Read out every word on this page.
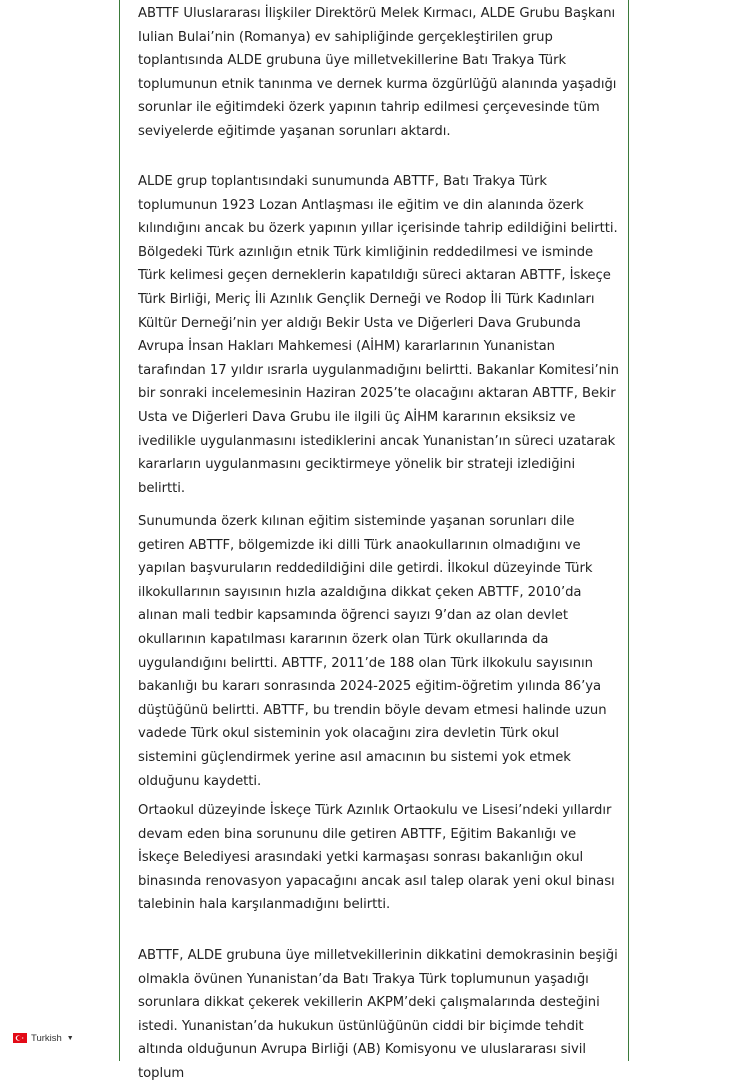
ABTTF Uluslararası İlişkiler Direktörü Melek Kırmacı, ALDE Grubu Başkanı Iulian Bulai’nin (Romanya) ev sahipliğinde gerçekleştirilen grup toplantısında ALDE grubuna üye milletvekillerine Batı Trakya Türk toplumunun etnik tanınma ve dernek kurma özgürlüğü alanında yaşadığı sorunlar ile eğitimdeki özerk yapının tahrip edilmesi çerçevesinde tüm seviyelerde eğitimde yaşanan sorunları aktardı.

ALDE grup toplantısındaki sunumunda ABTTF, Batı Trakya Türk toplumunun 1923 Lozan Antlaşması ile eğitim ve din alanında özerk kılındığını ancak bu özerk yapının yıllar içerisinde tahrip edildiğini belirtti. Bölgedeki Türk azınlığın etnik Türk kimliğinin reddedilmesi ve isminde Türk kelimesi geçen derneklerin kapatıldığı süreci aktaran ABTTF, İskeçe Türk Birliği, Meriç İli Azınlık Gençlik Derneği ve Rodop İli Türk Kadınları Kültür Derneği’nin yer aldığı Bekir Usta ve Diğerleri Dava Grubunda Avrupa İnsan Hakları Mahkemesi (AİHM) kararlarının Yunanistan tarafından 17 yıldır ısrarla uygulanmadığını belirtti. Bakanlar Komitesi’nin bir sonraki incelemesinin Haziran 2025’te olacağını aktaran ABTTF, Bekir Usta ve Diğerleri Dava Grubu ile ilgili üç AİHM kararının eksiksiz ve ivedilikle uygulanmasını istediklerini ancak Yunanistan’ın süreci uzatarak kararların uygulanmasını geciktirmeye yönelik bir strateji izlediğini belirtti.

Sunumunda özerk kılınan eğitim sisteminde yaşanan sorunları dile getiren ABTTF, bölgemizde iki dilli Türk anaokullarının olmadığını ve yapılan başvuruların reddedildiğini dile getirdi. İlkokul düzeyinde Türk ilkokullarının sayısının hızla azaldığına dikkat çeken ABTTF, 2010’da alınan mali tedbir kapsamında öğrenci sayızı 9’dan az olan devlet okullarının kapatılması kararının özerk olan Türk okullarında da uygulandığını belirtti. ABTTF, 2011’de 188 olan Türk ilkokulu sayısının bakanlığı bu kararı sonrasında 2024-2025 eğitim-öğretim yılında 86’ya düştüğünü belirtti. ABTTF, bu trendin böyle devam etmesi halinde uzun vadede Türk okul sisteminin yok olacağını zira devletin Türk okul sistemini güçlendirmek yerine asıl amacının bu sistemi yok etmek olduğunu kaydetti.

Ortaokul düzeyinde İskeçe Türk Azınlık Ortaokulu ve Lisesi’ndeki yıllardır devam eden bina sorununu dile getiren ABTTF, Eğitim Bakanlığı ve İskeçe Belediyesi arasındaki yetki karmaşası sonrası bakanlığın okul binasında renovasyon yapacağını ancak asıl talep olarak yeni okul binası talebinin hala karşılanmadığını belirtti.

ABTTF, ALDE grubuna üye milletvekillerinin dikkatini demokrasinin beşiği olmakla övünen Yunanistan’da Batı Trakya Türk toplumunun yaşadığı sorunlara dikkat çekerek vekillerin AKPM’deki çalışmalarında desteğini istedi. Yunanistan’da hukukun üstünlüğünün ciddi bir biçimde tehdit altında olduğunun Avrupa Birliği (AB) Komisyonu ve uluslararası sivil toplum

Turkish ▼
